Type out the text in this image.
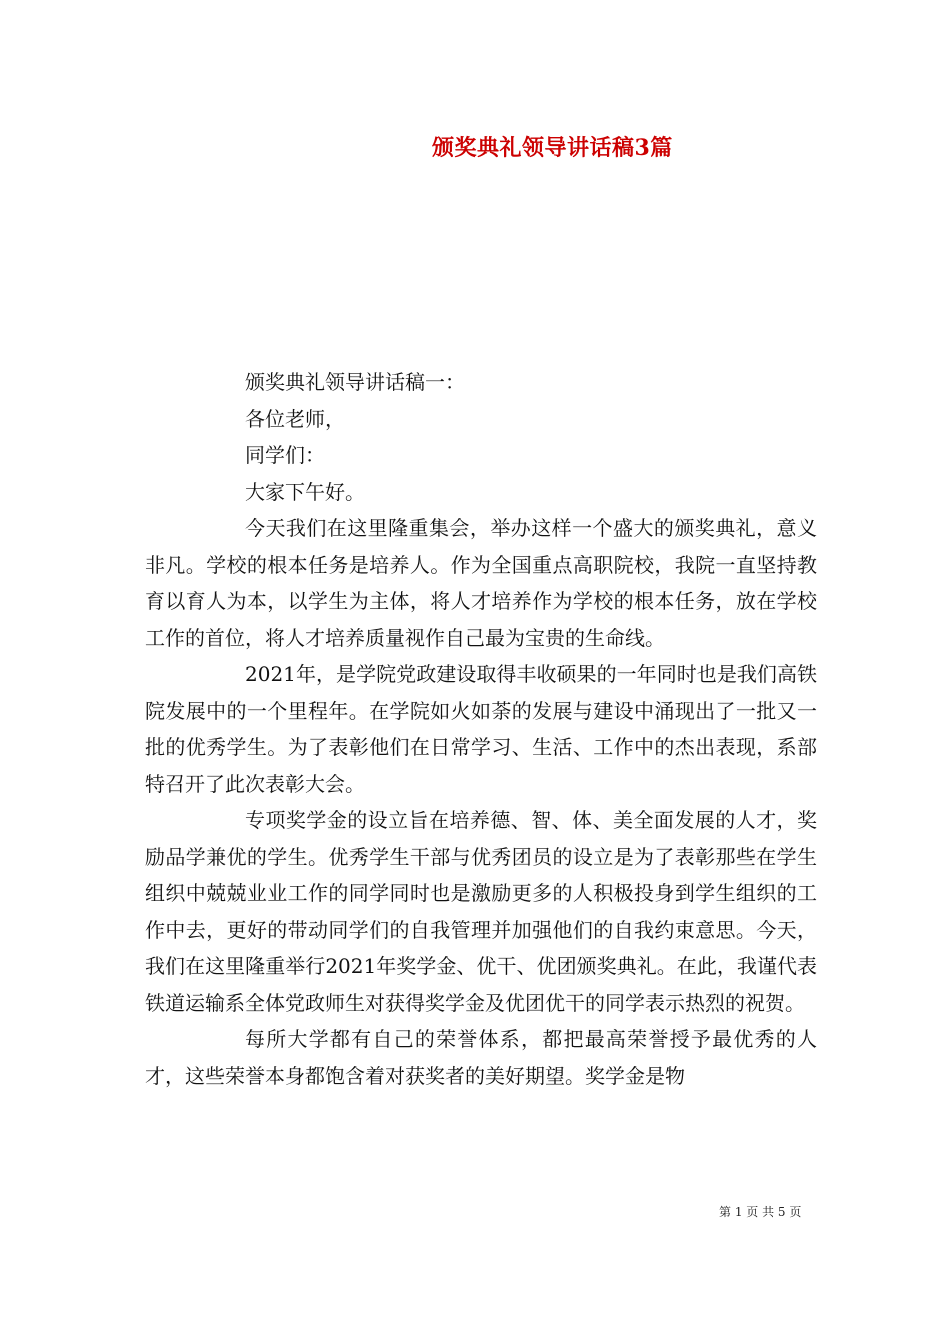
颁奖典礼领导讲话稿3篇

颁奖典礼领导讲话稿一：

各位老师，

同学们：

大家下午好。

今天我们在这里隆重集会，举办这样一个盛大的颁奖典礼，意义非凡。学校的根本任务是培养人。作为全国重点高职院校，我院一直坚持教育以育人为本，以学生为主体，将人才培养作为学校的根本任务，放在学校工作的首位，将人才培养质量视作自己最为宝贵的生命线。

2021年，是学院党政建设取得丰收硕果的一年同时也是我们高铁院发展中的一个里程年。在学院如火如荼的发展与建设中涌现出了一批又一批的优秀学生。为了表彰他们在日常学习、生活、工作中的杰出表现，系部特召开了此次表彰大会。

专项奖学金的设立旨在培养德、智、体、美全面发展的人才，奖励品学兼优的学生。优秀学生干部与优秀团员的设立是为了表彰那些在学生组织中兢兢业业工作的同学同时也是激励更多的人积极投身到学生组织的工作中去，更好的带动同学们的自我管理并加强他们的自我约束意思。今天，我们在这里隆重举行2021年奖学金、优干、优团颁奖典礼。在此，我谨代表铁道运输系全体党政师生对获得奖学金及优团优干的同学表示热烈的祝贺。

每所大学都有自己的荣誉体系，都把最高荣誉授予最优秀的人才，这些荣誉本身都饱含着对获奖者的美好期望。奖学金是物

第 1 页 共 5 页
